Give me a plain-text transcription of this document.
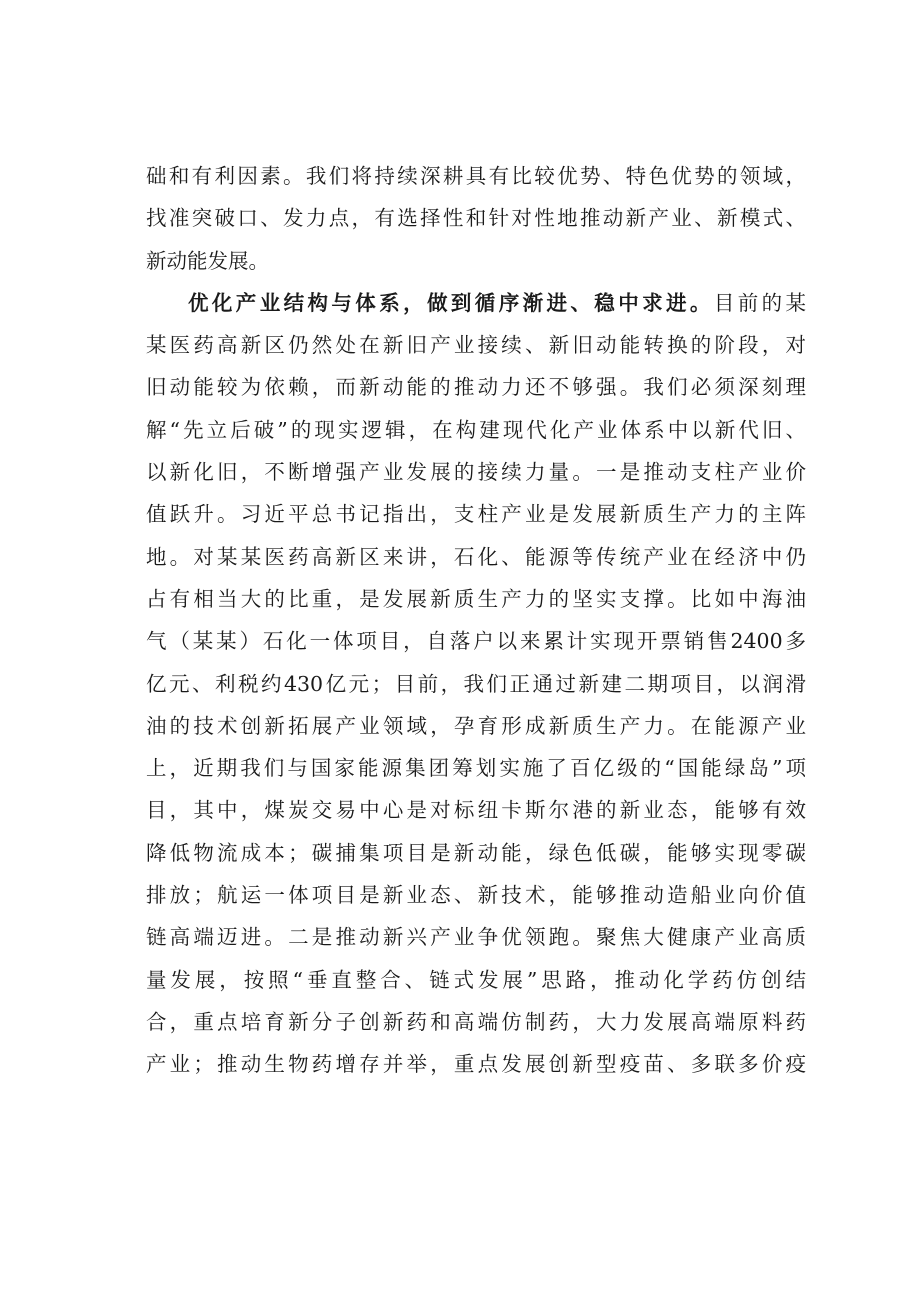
础和有利因素。我们将持续深耕具有比较优势、特色优势的领域，
找准突破口、发力点，有选择性和针对性地推动新产业、新模式、
新动能发展。
优化产业结构与体系，做到循序渐进、稳中求进。目前的某
某医药高新区仍然处在新旧产业接续、新旧动能转换的阶段，对
旧动能较为依赖，而新动能的推动力还不够强。我们必须深刻理
解“先立后破”的现实逻辑，在构建现代化产业体系中以新代旧、
以新化旧，不断增强产业发展的接续力量。一是推动支柱产业价
值跃升。习近平总书记指出，支柱产业是发展新质生产力的主阵
地。对某某医药高新区来讲，石化、能源等传统产业在经济中仍
占有相当大的比重，是发展新质生产力的坚实支撑。比如中海油
气（某某）石化一体项目，自落户以来累计实现开票销售2400多
亿元、利税约430亿元；目前，我们正通过新建二期项目，以润滑
油的技术创新拓展产业领域，孕育形成新质生产力。在能源产业
上，近期我们与国家能源集团筹划实施了百亿级的“国能绿岛”项
目，其中，煤炭交易中心是对标纽卡斯尔港的新业态，能够有效
降低物流成本；碳捕集项目是新动能，绿色低碳，能够实现零碳
排放；航运一体项目是新业态、新技术，能够推动造船业向价值
链高端迈进。二是推动新兴产业争优领跑。聚焦大健康产业高质
量发展，按照“垂直整合、链式发展”思路，推动化学药仿创结
合，重点培育新分子创新药和高端仿制药，大力发展高端原料药
产业；推动生物药增存并举，重点发展创新型疫苗、多联多价疫
